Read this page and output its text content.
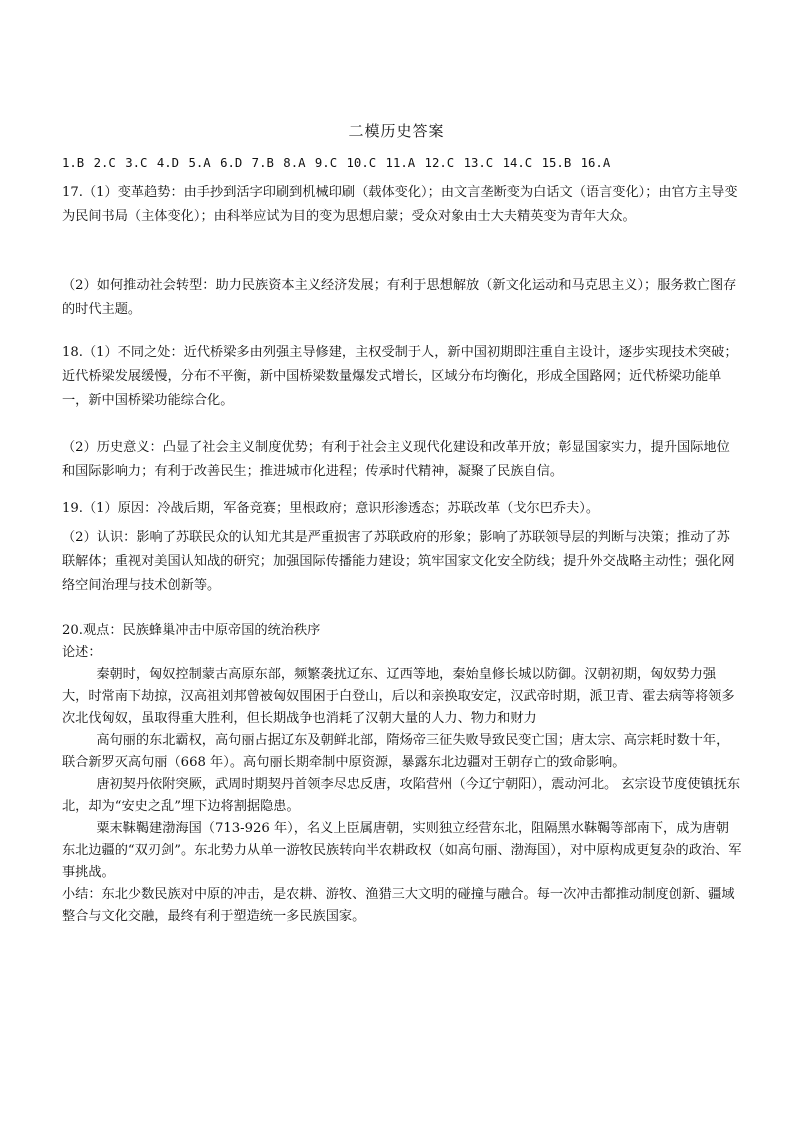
二模历史答案
1.B 2.C 3.C 4.D 5.A 6.D 7.B 8.A 9.C 10.C 11.A 12.C 13.C 14.C 15.B 16.A
17.（1）变革趋势：由手抄到活字印刷到机械印刷（载体变化）；由文言垄断变为白话文（语言变化）；由官方主导变为民间书局（主体变化）；由科举应试为目的变为思想启蒙；受众对象由士大夫精英变为青年大众。
（2）如何推动社会转型：助力民族资本主义经济发展；有利于思想解放（新文化运动和马克思主义）；服务救亡图存的时代主题。
18.（1）不同之处：近代桥梁多由列强主导修建，主权受制于人，新中国初期即注重自主设计，逐步实现技术突破；近代桥梁发展缓慢，分布不平衡，新中国桥梁数量爆发式增长，区域分布均衡化，形成全国路网；近代桥梁功能单一，新中国桥梁功能综合化。
（2）历史意义：凸显了社会主义制度优势；有利于社会主义现代化建设和改革开放；彰显国家实力，提升国际地位和国际影响力；有利于改善民生；推进城市化进程；传承时代精神，凝聚了民族自信。
19.（1）原因：冷战后期，军备竞赛；里根政府；意识形渗透态；苏联改革（戈尔巴乔夫）。
（2）认识：影响了苏联民众的认知尤其是严重损害了苏联政府的形象；影响了苏联领导层的判断与决策；推动了苏联解体；重视对美国认知战的研究；加强国际传播能力建设；筑牢国家文化安全防线；提升外交战略主动性；强化网络空间治理与技术创新等。

20.观点：民族蜂巢冲击中原帝国的统治秩序

论述：

秦朝时，匈奴控制蒙古高原东部，频繁袭扰辽东、辽西等地，秦始皇修长城以防御。汉朝初期，匈奴势力强大，时常南下劫掠，汉高祖刘邦曾被匈奴围困于白登山，后以和亲换取安定，汉武帝时期，派卫青、霍去病等将领多次北伐匈奴，虽取得重大胜利，但长期战争也消耗了汉朝大量的人力、物力和财力

高句丽的东北霸权，高句丽占据辽东及朝鲜北部，隋炀帝三征失败导致民变亡国；唐太宗、高宗耗时数十年，联合新罗灭高句丽（668 年）。高句丽长期牵制中原资源，暴露东北边疆对王朝存亡的致命影响。

唐初契丹依附突厥，武周时期契丹首领李尽忠反唐，攻陷营州（今辽宁朝阳），震动河北。 玄宗设节度使镇抚东北，却为“安史之乱”埋下边将割据隐患。

粟末靺鞨建渤海国（713-926 年），名义上臣属唐朝，实则独立经营东北，阻隔黑水靺鞨等部南下，成为唐朝东北边疆的“双刃剑”。东北势力从单一游牧民族转向半农耕政权（如高句丽、渤海国），对中原构成更复杂的政治、军事挑战。

小结：东北少数民族对中原的冲击，是农耕、游牧、渔猎三大文明的碰撞与融合。每一次冲击都推动制度创新、疆域整合与文化交融，最终有利于塑造统一多民族国家。
